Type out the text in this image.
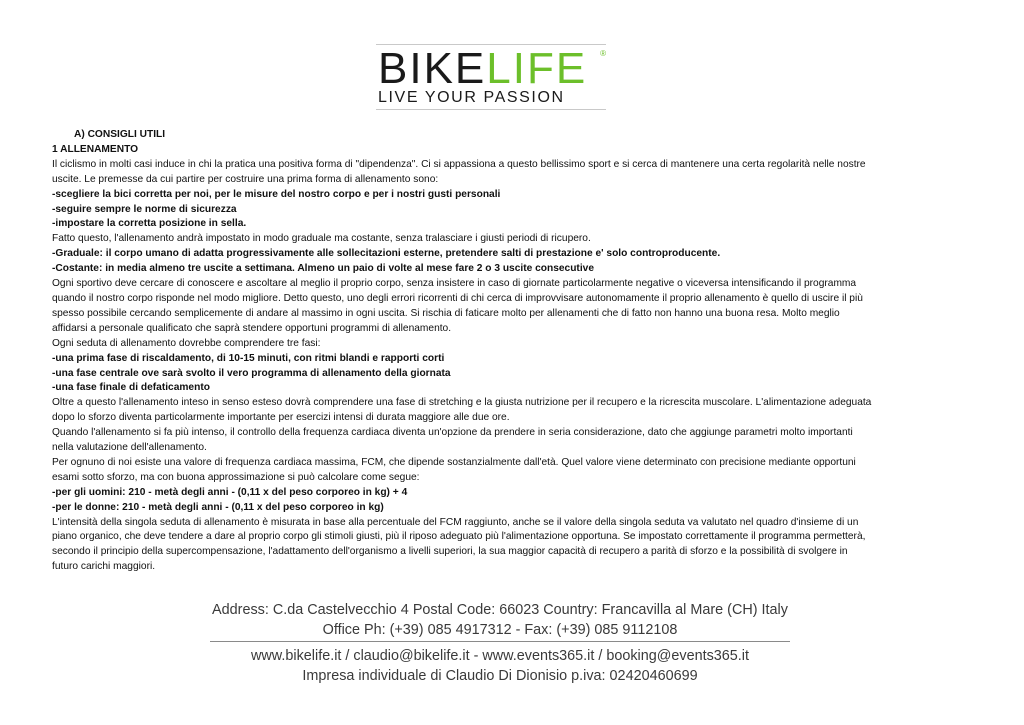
BIKELIFE ®
LIVE YOUR PASSION
A) CONSIGLI UTILI
1 ALLENAMENTO
Il ciclismo in molti casi induce in chi la pratica una positiva forma di "dipendenza". Ci si appassiona a questo bellissimo sport e si cerca di mantenere una certa regolarità nelle nostre
uscite. Le premesse da cui partire per costruire una prima forma di allenamento sono:
-scegliere la bici corretta per noi, per le misure del nostro corpo e per i nostri gusti personali
-seguire sempre le norme di sicurezza
-impostare la corretta posizione in sella.
Fatto questo, l'allenamento andrà impostato in modo graduale ma costante, senza tralasciare i giusti periodi di ricupero.
-Graduale: il corpo umano di adatta progressivamente alle sollecitazioni esterne, pretendere salti di prestazione e' solo controproducente.
-Costante: in media almeno tre uscite a settimana. Almeno un paio di volte al mese fare 2 o 3 uscite consecutive
Ogni sportivo deve cercare di conoscere e ascoltare al meglio il proprio corpo, senza insistere in caso di giornate particolarmente negative o viceversa intensificando il programma
quando il nostro corpo risponde nel modo migliore. Detto questo, uno degli errori ricorrenti di chi cerca di improvvisare autonomamente il proprio allenamento è quello di uscire il più
spesso possibile cercando semplicemente di andare al massimo in ogni uscita. Si rischia di faticare molto per allenamenti che di fatto non hanno una buona resa. Molto meglio
affidarsi a personale qualificato che saprà stendere opportuni programmi di allenamento.
Ogni seduta di allenamento dovrebbe comprendere tre fasi:
-una prima fase di riscaldamento, di 10-15 minuti, con ritmi blandi e rapporti corti
-una fase centrale ove sarà svolto il vero programma di allenamento della giornata
-una fase finale di defaticamento
Oltre a questo l'allenamento inteso in senso esteso dovrà comprendere una fase di stretching e la giusta nutrizione per il recupero e la ricrescita muscolare. L'alimentazione adeguata
dopo lo sforzo diventa particolarmente importante per esercizi intensi di durata maggiore alle due ore.
Quando l'allenamento si fa più intenso, il controllo della frequenza cardiaca diventa un'opzione da prendere in seria considerazione, dato che aggiunge parametri molto importanti
nella valutazione dell'allenamento.
Per ognuno di noi esiste una valore di frequenza cardiaca massima, FCM, che dipende sostanzialmente dall'età. Quel valore viene determinato con precisione mediante opportuni
esami sotto sforzo, ma con buona approssimazione si può calcolare come segue:
-per gli uomini: 210 - metà degli anni - (0,11 x del peso corporeo in kg) + 4
-per le donne: 210 - metà degli anni - (0,11 x del peso corporeo in kg)
L'intensità della singola seduta di allenamento è misurata in base alla percentuale del FCM raggiunto, anche se il valore della singola seduta va valutato nel quadro d'insieme di un
piano organico, che deve tendere a dare al proprio corpo gli stimoli giusti, più il riposo adeguato più l'alimentazione opportuna. Se impostato correttamente il programma permetterà,
secondo il principio della supercompensazione, l'adattamento dell'organismo a livelli superiori, la sua maggior capacità di recupero a parità di sforzo e la possibilità di svolgere in
futuro carichi maggiori.
Address: C.da Castelvecchio 4 Postal Code: 66023 Country: Francavilla al Mare (CH) Italy
Office Ph: (+39) 085 4917312 - Fax: (+39) 085 9112108
www.bikelife.it / claudio@bikelife.it - www.events365.it / booking@events365.it
Impresa individuale di Claudio Di Dionisio p.iva: 02420460699
